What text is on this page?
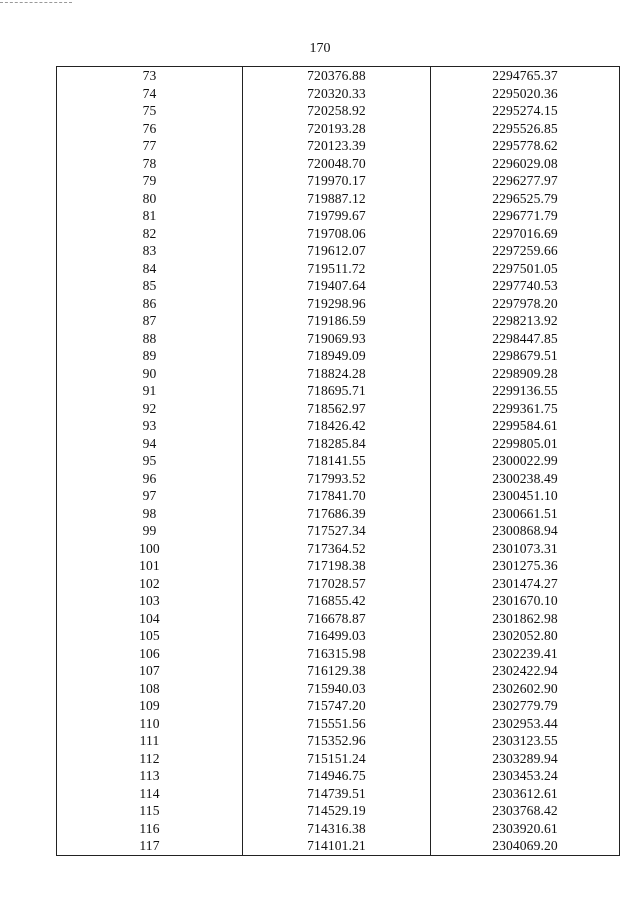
170
73	720376.88	2294765.37
74	720320.33	2295020.36
75	720258.92	2295274.15
76	720193.28	2295526.85
77	720123.39	2295778.62
78	720048.70	2296029.08
79	719970.17	2296277.97
80	719887.12	2296525.79
81	719799.67	2296771.79
82	719708.06	2297016.69
83	719612.07	2297259.66
84	719511.72	2297501.05
85	719407.64	2297740.53
86	719298.96	2297978.20
87	719186.59	2298213.92
88	719069.93	2298447.85
89	718949.09	2298679.51
90	718824.28	2298909.28
91	718695.71	2299136.55
92	718562.97	2299361.75
93	718426.42	2299584.61
94	718285.84	2299805.01
95	718141.55	2300022.99
96	717993.52	2300238.49
97	717841.70	2300451.10
98	717686.39	2300661.51
99	717527.34	2300868.94
100	717364.52	2301073.31
101	717198.38	2301275.36
102	717028.57	2301474.27
103	716855.42	2301670.10
104	716678.87	2301862.98
105	716499.03	2302052.80
106	716315.98	2302239.41
107	716129.38	2302422.94
108	715940.03	2302602.90
109	715747.20	2302779.79
110	715551.56	2302953.44
111	715352.96	2303123.55
112	715151.24	2303289.94
113	714946.75	2303453.24
114	714739.51	2303612.61
115	714529.19	2303768.42
116	714316.38	2303920.61
117	714101.21	2304069.20
